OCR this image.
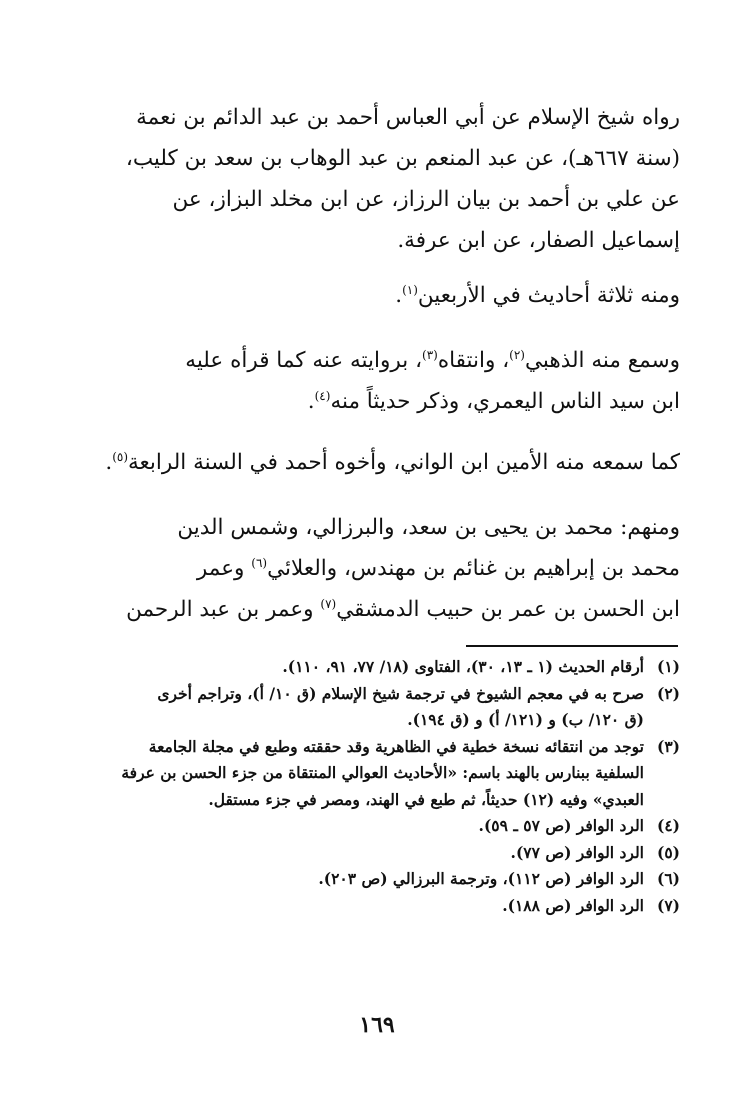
رواه شيخ الإسلام عن أبي العباس أحمد بن عبد الدائم بن نعمة
(سنة ٦٦٧هـ)، عن عبد المنعم بن عبد الوهاب بن سعد بن كليب،
عن علي بن أحمد بن بيان الرزاز، عن ابن مخلد البزاز، عن
إسماعيل الصفار، عن ابن عرفة.
ومنه ثلاثة أحاديث في الأربعين$^{(١)}$.
وسمع منه الذهبي$^{(٢)}$، وانتقاه$^{(٣)}$، بروايته عنه كما قرأه عليه
ابن سيد الناس اليعمري، وذكر حديثاً منه$^{(٤)}$.
كما سمعه منه الأمين ابن الواني، وأخوه أحمد في السنة الرابعة$^{(٥)}$.
ومنهم: محمد بن يحيى بن سعد، والبرزالي، وشمس الدين
محمد بن إبراهيم بن غنائم بن مهندس، والعلائي$^{(٦)}$ وعمر
ابن الحسن بن عمر بن حبيب الدمشقي$^{(٧)}$ وعمر بن عبد الرحمن
(١)
أرقام الحديث (١ ـ ١٣، ٣٠)، الفتاوى (١٨/ ٧٧، ٩١، ١١٠).
(٢)
صرح به في معجم الشيوخ في ترجمة شيخ الإسلام (ق ١٠/ أ)، وتراجم أخرى
(ق ١٢٠/ ب) و (١٢١/ أ) و (ق ١٩٤).
(٣)
توجد من انتقائه نسخة خطية في الظاهرية وقد حققته وطبع في مجلة الجامعة
السلفية ببنارس بالهند باسم: «الأحاديث العوالي المنتقاة من جزء الحسن بن عرفة
العبدي» وفيه (١٢) حديثاً، ثم طبع في الهند، ومصر في جزء مستقل.
(٤)
الرد الوافر (ص ٥٧ ـ ٥٩).
(٥)
الرد الوافر (ص ٧٧).
(٦)
الرد الوافر (ص ١١٢)، وترجمة البرزالي (ص ٢٠٣).
(٧)
الرد الوافر (ص ١٨٨).
١٦٩
